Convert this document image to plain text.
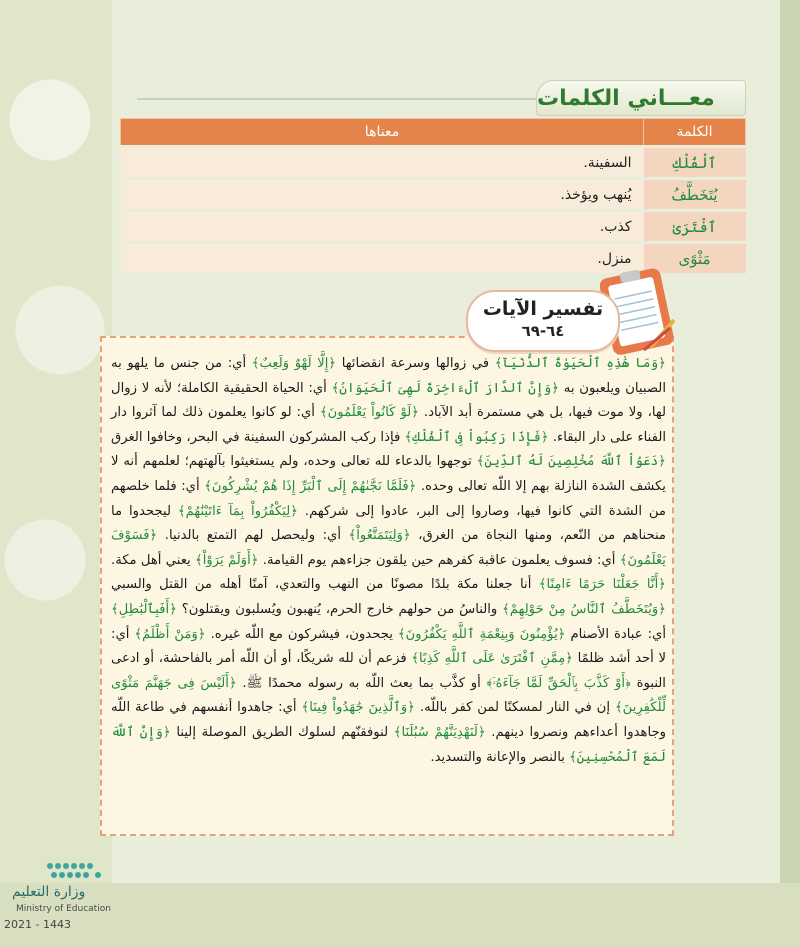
معـــاني الكلمات
الكلمة	معناها
ٱلْفُلْكِ	السفينة.
يُتَخَطَّفُ	يُنهب ويؤخذ.
ٱفْتَرَىٰ	كذب.
مَثْوًى	منزل.
تفسير الآيات
٦٤-٦٩
﴿وَمَا هَٰذِهِ ٱلْحَيَوٰةُ ٱلدُّنْيَآ﴾ في زوالها وسرعة انقضائها ﴿إِلَّا لَهْوٌ وَلَعِبٌ﴾ أي: من جنس ما يلهو به الصبيان ويلعبون به ﴿وَإِنَّ ٱلدَّارَ ٱلْءَاخِرَةَ لَهِىَ ٱلْحَيَوَانُ﴾ أي: الحياة الحقيقية الكاملة؛ لأنه لا زوال لها، ولا موت فيها، بل هي مستمرة أبد الآباد. ﴿لَوْ كَانُواْ يَعْلَمُونَ﴾ أي: لو كانوا يعلمون ذلك لما آثروا دار الفناء على دار البقاء. ﴿فَإِذَا رَكِبُواْ فِى ٱلْفُلْكِ﴾ فإذا ركب المشركون السفينة في البحر، وخافوا الغرق ﴿دَعَوُاْ ٱللَّهَ مُخْلِصِينَ لَهُ ٱلدِّينَ﴾ توجهوا بالدعاء لله تعالى وحده، ولم يستغيثوا بآلهتهم؛ لعلمهم أنه لا يكشف الشدة النازلة بهم إلا اللّه تعالى وحده. ﴿فَلَمَّا نَجَّىٰهُمْ إِلَى ٱلْبَرِّ إِذَا هُمْ يُشْرِكُونَ﴾ أي: فلما خلصهم من الشدة التي كانوا فيها، وصاروا إلى البر، عادوا إلى شركهم. ﴿لِيَكْفُرُواْ بِمَآ ءَاتَيْنَٰهُمْ﴾ ليجحدوا ما منحناهم من النّعم، ومنها النجاة من الغرق، ﴿وَلِيَتَمَتَّعُواْ﴾ أي: وليحصل لهم التمتع بالدنيا. ﴿فَسَوْفَ يَعْلَمُونَ﴾ أي: فسوف يعلمون عاقبة كفرهم حين يلقون جزاءهم يوم القيامة. ﴿أَوَلَمْ يَرَوْاْ﴾ يعني أهل مكة. ﴿أَنَّا جَعَلْنَا حَرَمًا ءَامِنًا﴾ أنا جعلنا مكة بلدًا مصونًا من النهب والتعدي، آمنًا أهله من القتل والسبي ﴿وَيُتَخَطَّفُ ٱلنَّاسُ مِنْ حَوْلِهِمْ﴾ والناسُ من حولهم خارج الحرم، يُنهبون ويُسلبون ويقتلون؟ ﴿أَفَبِٱلْبَٰطِلِ﴾ أي: عبادة الأصنام ﴿يُؤْمِنُونَ وَبِنِعْمَةِ ٱللَّهِ يَكْفُرُونَ﴾ يجحدون، فيشركون مع اللّه غيره. ﴿وَمَنْ أَظْلَمُ﴾ أي: لا أحد أشد ظلمًا ﴿مِمَّنِ ٱفْتَرَىٰ عَلَى ٱللَّهِ كَذِبًا﴾ فزعم أن لله شريكًا، أو أن اللّه أمر بالفاحشة، أو ادعى النبوة ﴿أَوْ كَذَّبَ بِٱلْحَقِّ لَمَّا جَآءَهُۥٓ﴾ أو كذَّب بما بعث اللّه به رسوله محمدًا ﷺ. ﴿أَلَيْسَ فِى جَهَنَّمَ مَثْوًى لِّلْكَٰفِرِينَ﴾ إن في النار لمسكنًا لمن كفر باللّه. ﴿وَٱلَّذِينَ جَٰهَدُواْ فِينَا﴾ أي: جاهدوا أنفسهم في طاعة اللّه وجاهدوا أعداءهم ونصروا دينهم. ﴿لَنَهْدِيَنَّهُمْ سُبُلَنَا﴾ لنوفقنّهم لسلوك الطريق الموصلة إلينا ﴿وَإِنَّ ٱللَّهَ لَمَعَ ٱلْمُحْسِنِينَ﴾ بالنصر والإعانة والتسديد.
وزارة التعليم
Ministry of Education
2021 - 1443
